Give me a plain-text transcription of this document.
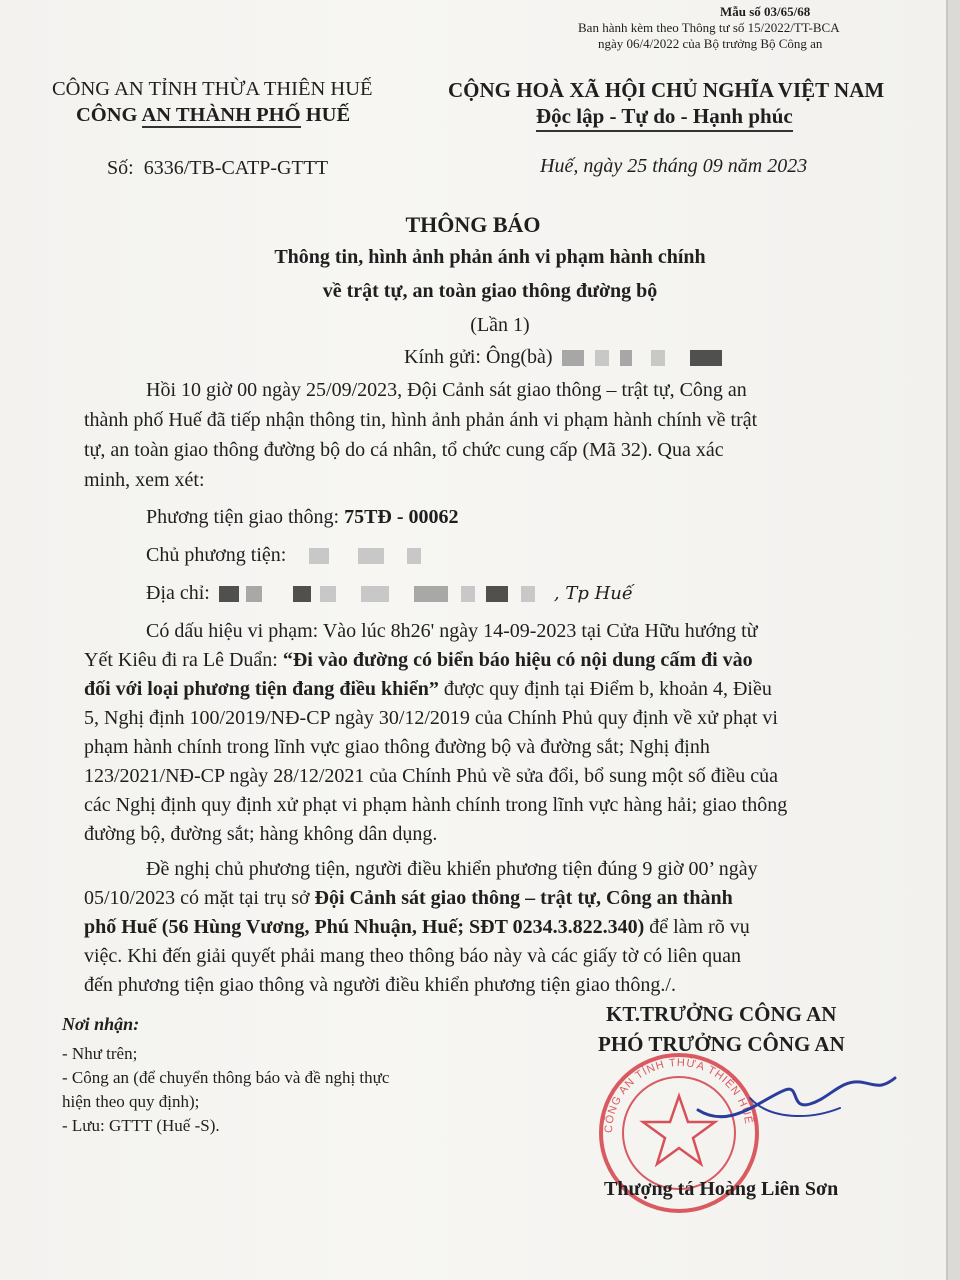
Mẫu số 03/65/68
Ban hành kèm theo Thông tư số 15/2022/TT-BCA
ngày 06/4/2022 của Bộ trưởng Bộ Công an
CÔNG AN TỈNH THỪA THIÊN HUẾ
CÔNG AN THÀNH PHỐ HUẾ
CỘNG HOÀ XÃ HỘI CHỦ NGHĨA VIỆT NAM
Độc lập - Tự do - Hạnh phúc
Số: 6336/TB-CATP-GTTT	Huế, ngày 25 tháng 09 năm 2023
THÔNG BÁO
Thông tin, hình ảnh phản ánh vi phạm hành chính
về trật tự, an toàn giao thông đường bộ
(Lần 1)
Kính gửi: Ông(bà)
Hồi 10 giờ 00 ngày 25/09/2023, Đội Cảnh sát giao thông – trật tự, Công an
thành phố Huế đã tiếp nhận thông tin, hình ảnh phản ánh vi phạm hành chính về trật
tự, an toàn giao thông đường bộ do cá nhân, tổ chức cung cấp (Mã 32). Qua xác
minh, xem xét:
Phương tiện giao thông: 75TĐ - 00062
Chủ phương tiện:
Địa chỉ:	, Tp Huế
Có dấu hiệu vi phạm: Vào lúc 8h26' ngày 14-09-2023 tại Cửa Hữu hướng từ
Yết Kiêu đi ra Lê Duẩn: “Đi vào đường có biển báo hiệu có nội dung cấm đi vào
đối với loại phương tiện đang điều khiển” được quy định tại Điểm b, khoản 4, Điều
5, Nghị định 100/2019/NĐ-CP ngày 30/12/2019 của Chính Phủ quy định về xử phạt vi
phạm hành chính trong lĩnh vực giao thông đường bộ và đường sắt; Nghị định
123/2021/NĐ-CP ngày 28/12/2021 của Chính Phủ về sửa đổi, bổ sung một số điều của
các Nghị định quy định xử phạt vi phạm hành chính trong lĩnh vực hàng hải; giao thông
đường bộ, đường sắt; hàng không dân dụng.
Đề nghị chủ phương tiện, người điều khiển phương tiện đúng 9 giờ 00’ ngày
05/10/2023 có mặt tại trụ sở Đội Cảnh sát giao thông – trật tự, Công an thành
phố Huế (56 Hùng Vương, Phú Nhuận, Huế; SĐT 0234.3.822.340) để làm rõ vụ
việc. Khi đến giải quyết phải mang theo thông báo này và các giấy tờ có liên quan
đến phương tiện giao thông và người điều khiển phương tiện giao thông./.
Nơi nhận:
- Như trên;
- Công an (để chuyển thông báo và đề nghị thực
hiện theo quy định);
- Lưu: GTTT (Huế -S).	CÔNG AN TỈNH THỪA THIÊN HUẾ
KT.TRƯỞNG CÔNG AN
PHÓ TRƯỞNG CÔNG AN
Thượng tá Hoàng Liên Sơn
